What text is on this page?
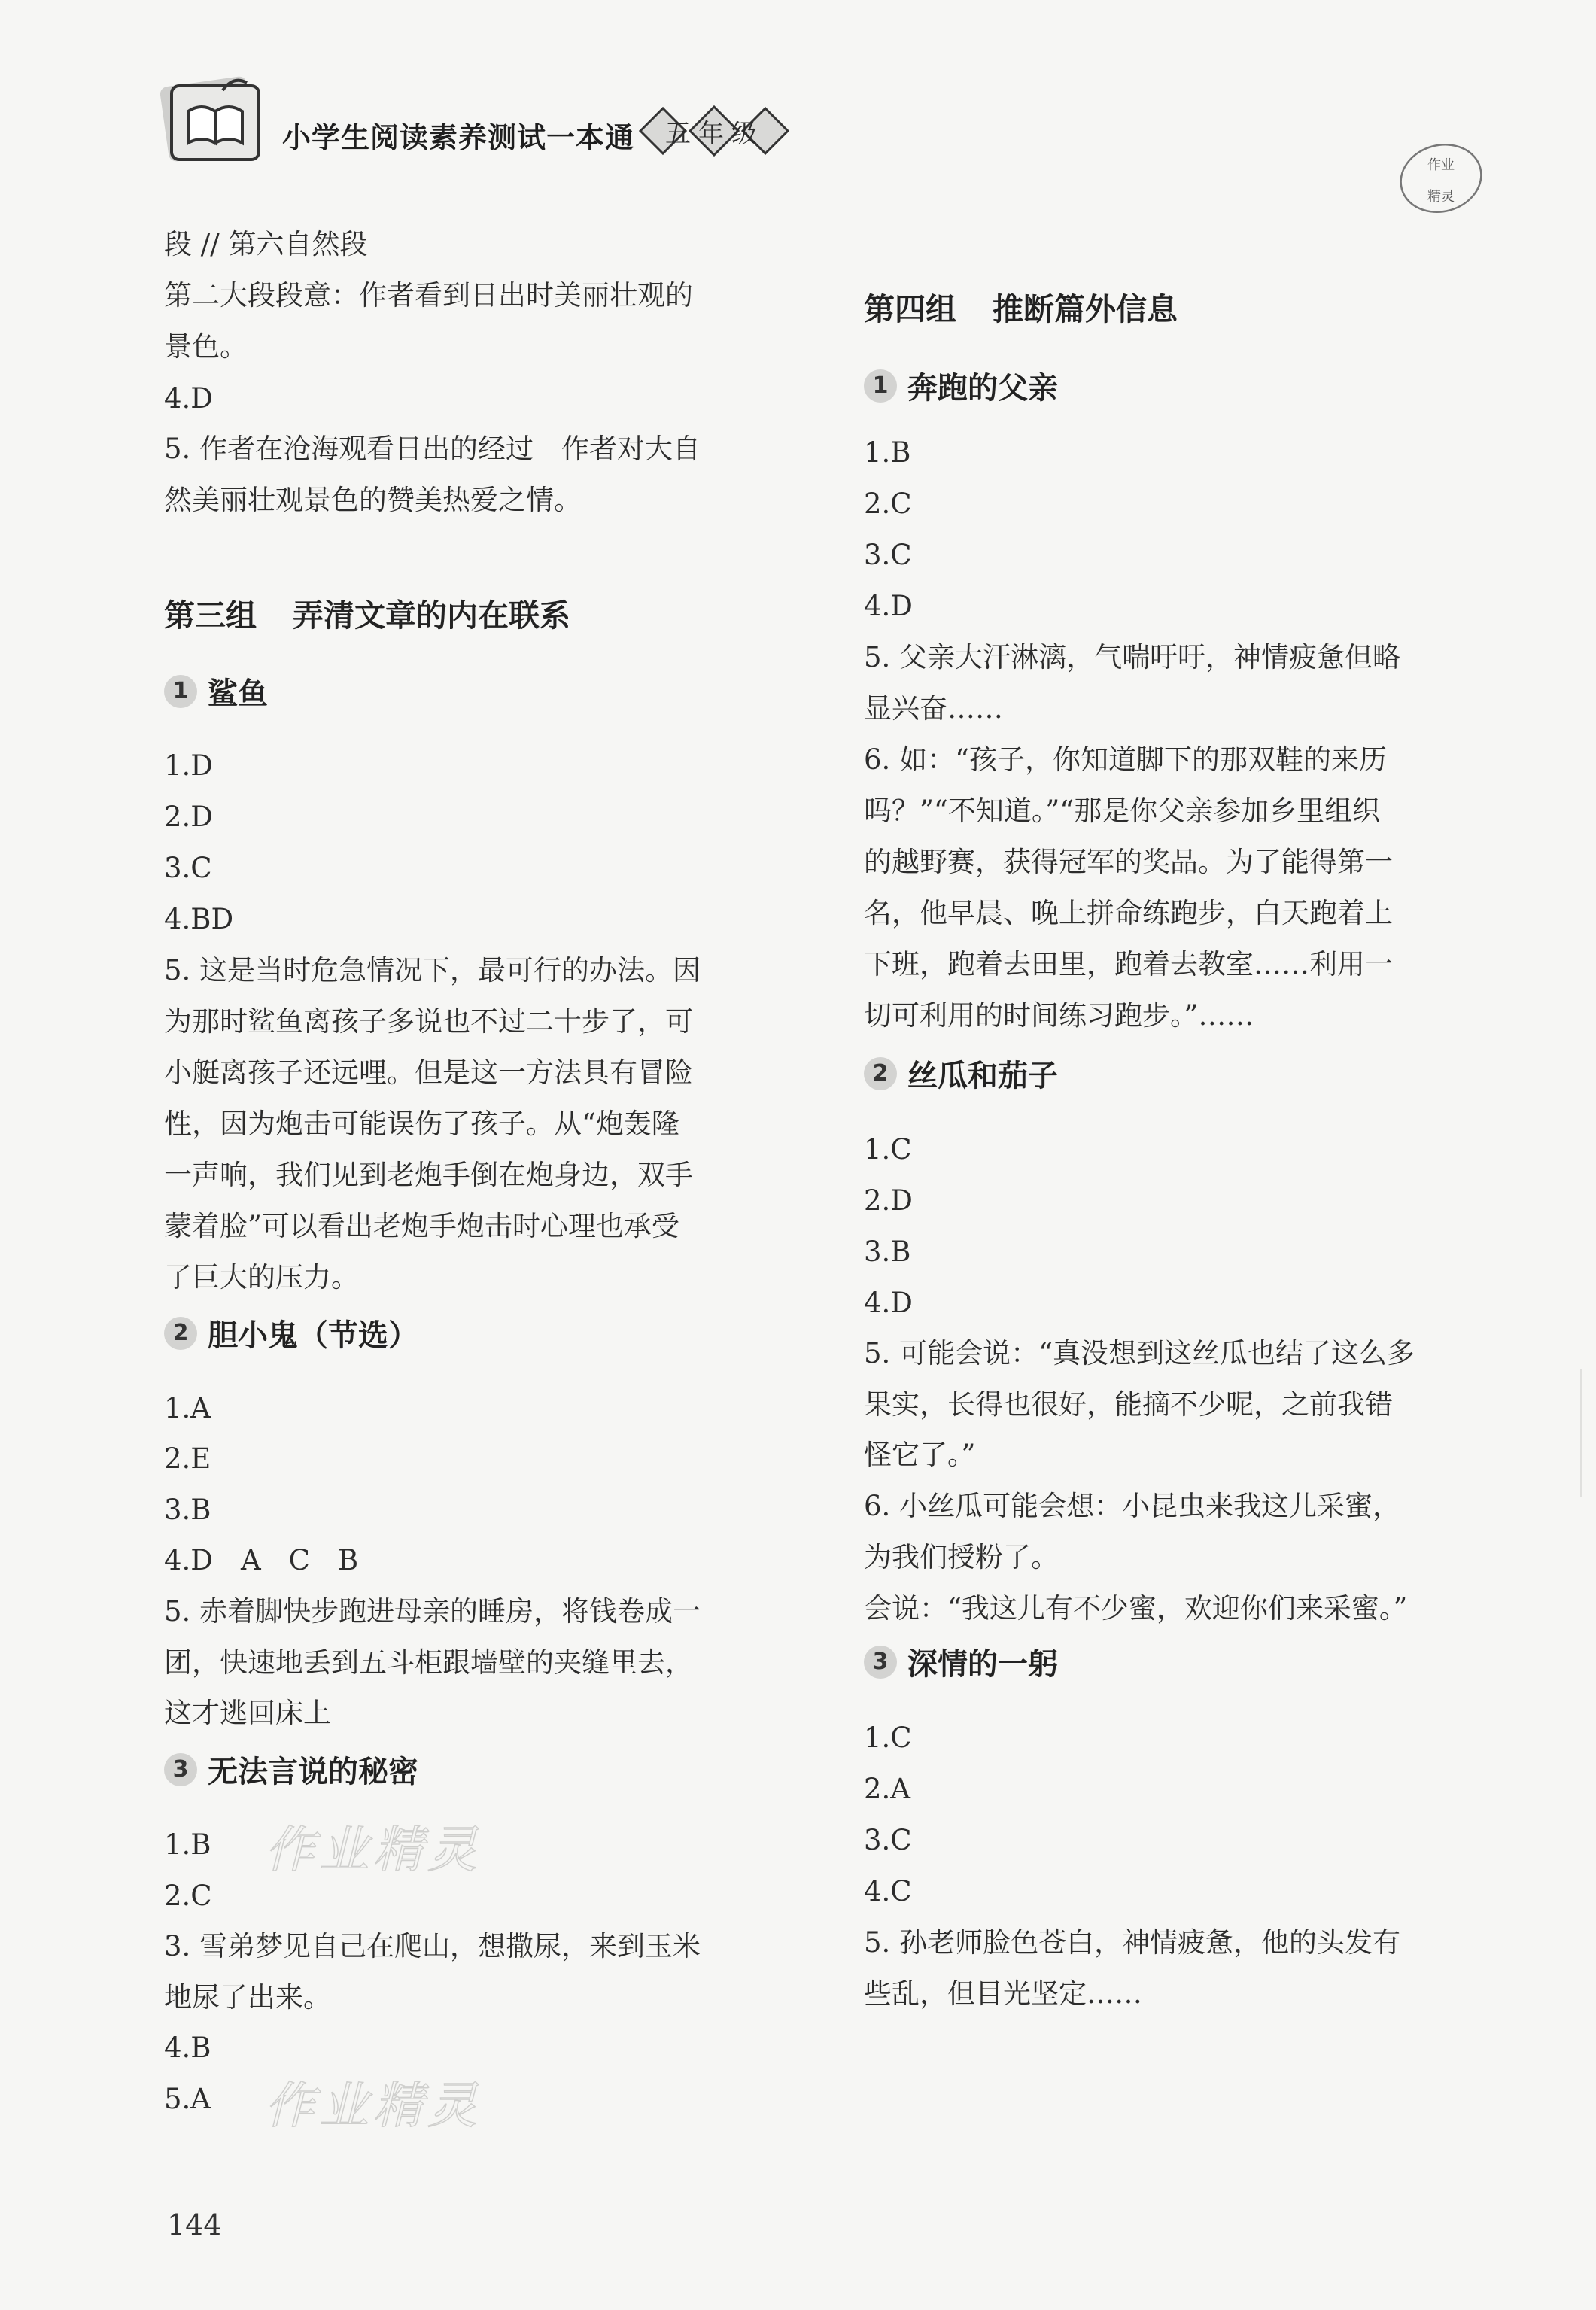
小学生阅读素养测试一本通	五年级
作业
精灵
段 // 第六自然段
第二大段段意：作者看到日出时美丽壮观的
景色。
4.D
5. 作者在沧海观看日出的经过　作者对大自
然美丽壮观景色的赞美热爱之情。
第三组 弄清文章的内在联系
1 鲨鱼
1.D
2.D
3.C
4.BD
5. 这是当时危急情况下，最可行的办法。因
为那时鲨鱼离孩子多说也不过二十步了，可
小艇离孩子还远哩。但是这一方法具有冒险
性，因为炮击可能误伤了孩子。从“炮轰隆
一声响，我们见到老炮手倒在炮身边，双手
蒙着脸”可以看出老炮手炮击时心理也承受
了巨大的压力。
2 胆小鬼（节选）
1.A
2.E
3.B
4.D　A　C　B
5. 赤着脚快步跑进母亲的睡房，将钱卷成一
团，快速地丢到五斗柜跟墙壁的夹缝里去，
这才逃回床上
3 无法言说的秘密
1.B
2.C
3. 雪弟梦见自己在爬山，想撒尿，来到玉米
地尿了出来。
4.B
5.A
作业精灵
作业精灵
第四组 推断篇外信息
1 奔跑的父亲
1.B
2.C
3.C
4.D
5. 父亲大汗淋漓，气喘吁吁，神情疲惫但略
显兴奋……
6. 如：“孩子，你知道脚下的那双鞋的来历
吗？”“不知道。”“那是你父亲参加乡里组织
的越野赛，获得冠军的奖品。为了能得第一
名，他早晨、晚上拼命练跑步，白天跑着上
下班，跑着去田里，跑着去教室……利用一
切可利用的时间练习跑步。”……
2 丝瓜和茄子
1.C
2.D
3.B
4.D
5. 可能会说：“真没想到这丝瓜也结了这么多
果实，长得也很好，能摘不少呢，之前我错
怪它了。”
6. 小丝瓜可能会想：小昆虫来我这儿采蜜，
为我们授粉了。
会说：“我这儿有不少蜜，欢迎你们来采蜜。”
3 深情的一躬
1.C
2.A
3.C
4.C
5. 孙老师脸色苍白，神情疲惫，他的头发有
些乱，但目光坚定……
144
